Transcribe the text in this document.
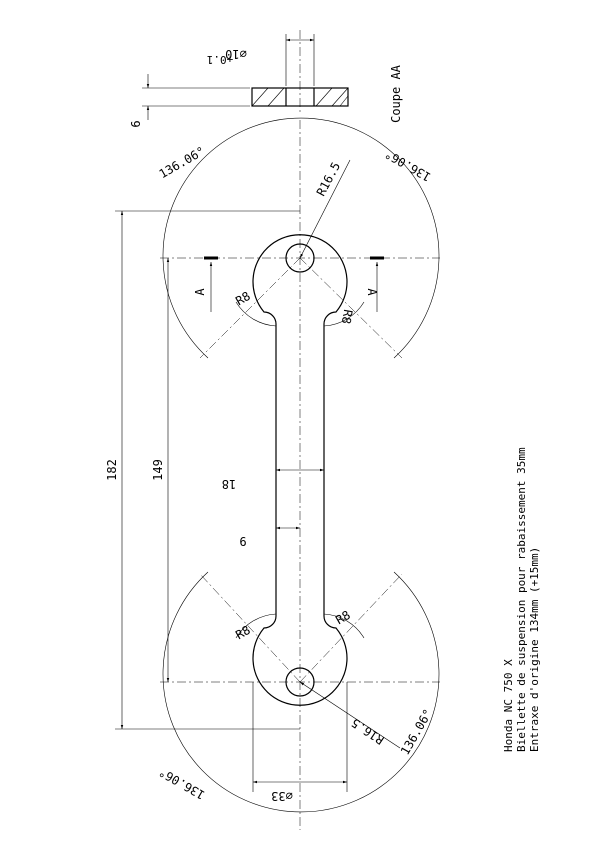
⌀10
+0.1
6
Coupe AA
A	A
182	149
18
9
R16.5
R16.5
R8
R8
R8
R8
136.06°	136.06°
136.06°
136.06°
⌀33
Honda NC 750 X Biellette de suspension pour rabaissement 35mm Entraxe d'origine 134mm (+15mm)
